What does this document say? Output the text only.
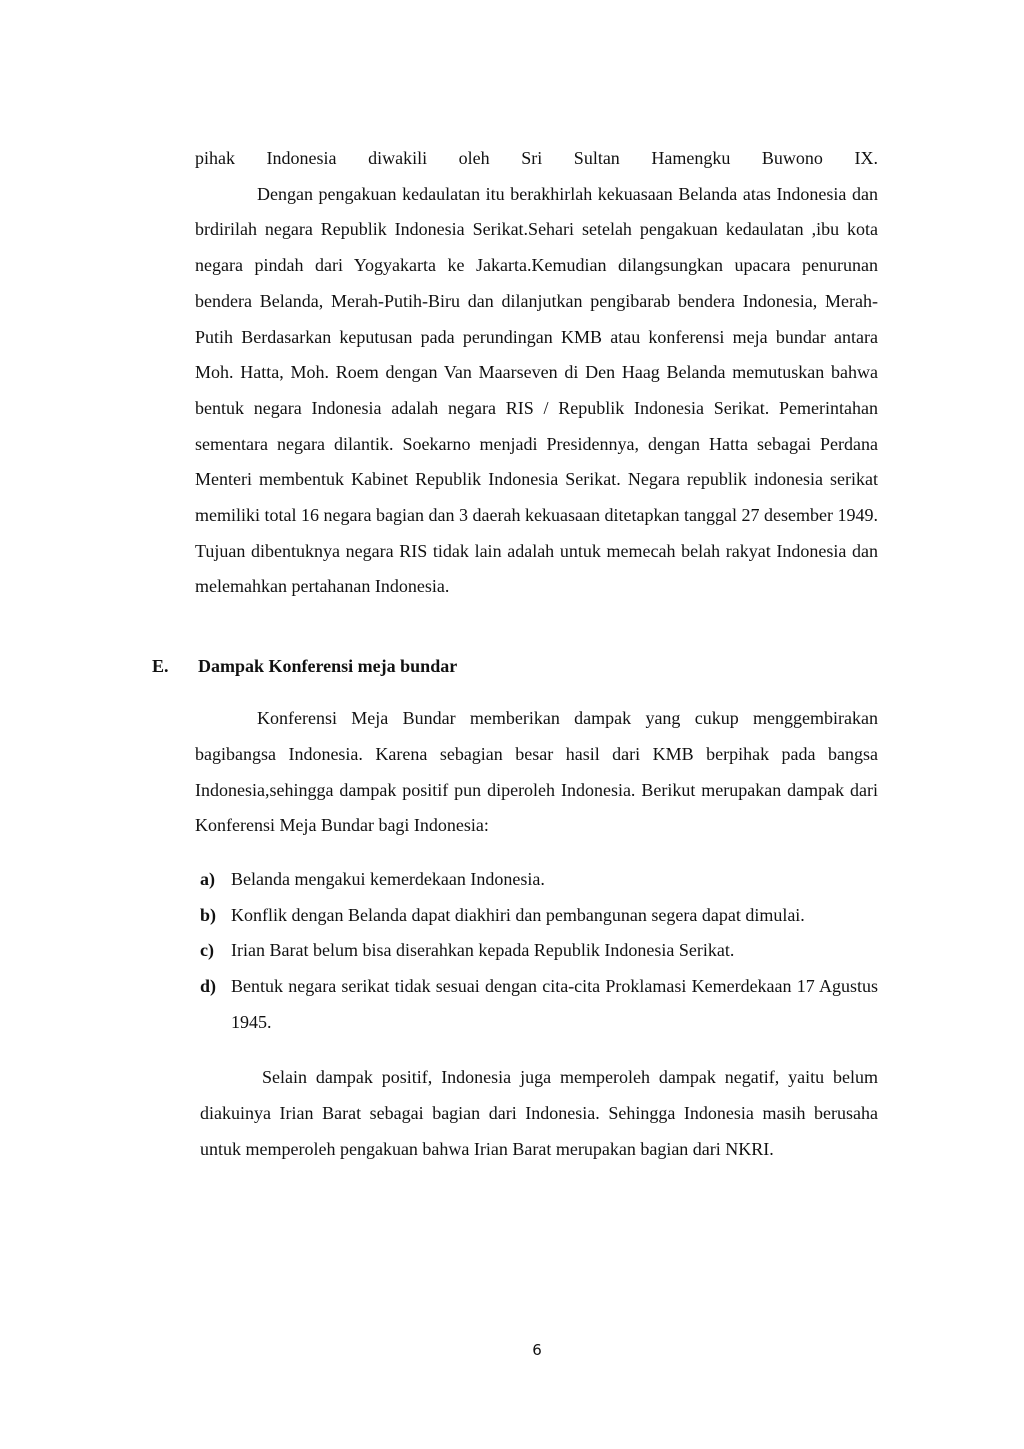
pihak Indonesia diwakili oleh Sri Sultan Hamengku Buwono IX.

Dengan pengakuan kedaulatan itu berakhirlah kekuasaan Belanda atas Indonesia dan brdirilah negara Republik Indonesia Serikat.Sehari setelah pengakuan kedaulatan ,ibu kota negara pindah dari Yogyakarta ke Jakarta.Kemudian dilangsungkan upacara penurunan bendera Belanda, Merah-Putih-Biru dan dilanjutkan pengibarab bendera Indonesia, Merah-Putih Berdasarkan keputusan pada perundingan KMB atau konferensi meja bundar antara Moh. Hatta, Moh. Roem dengan Van Maarseven di Den Haag Belanda memutuskan bahwa bentuk negara Indonesia adalah negara RIS / Republik Indonesia Serikat. Pemerintahan sementara negara dilantik. Soekarno menjadi Presidennya, dengan Hatta sebagai Perdana Menteri membentuk Kabinet Republik Indonesia Serikat. Negara republik indonesia serikat memiliki total 16 negara bagian dan 3 daerah kekuasaan ditetapkan tanggal 27 desember 1949. Tujuan dibentuknya negara RIS tidak lain adalah untuk memecah belah rakyat Indonesia dan melemahkan pertahanan Indonesia.

E. Dampak Konferensi meja bundar

Konferensi Meja Bundar memberikan dampak yang cukup menggembirakan bagibangsa Indonesia. Karena sebagian besar hasil dari KMB berpihak pada bangsa Indonesia,sehingga dampak positif pun diperoleh Indonesia. Berikut merupakan dampak dari Konferensi Meja Bundar bagi Indonesia:

a) Belanda mengakui kemerdekaan Indonesia.
b) Konflik dengan Belanda dapat diakhiri dan pembangunan segera dapat dimulai.
c) Irian Barat belum bisa diserahkan kepada Republik Indonesia Serikat.
d) Bentuk negara serikat tidak sesuai dengan cita-cita Proklamasi Kemerdekaan 17 Agustus 1945.

Selain dampak positif, Indonesia juga memperoleh dampak negatif, yaitu belum diakuinya Irian Barat sebagai bagian dari Indonesia. Sehingga Indonesia masih berusaha untuk memperoleh pengakuan bahwa Irian Barat merupakan bagian dari NKRI.

6
